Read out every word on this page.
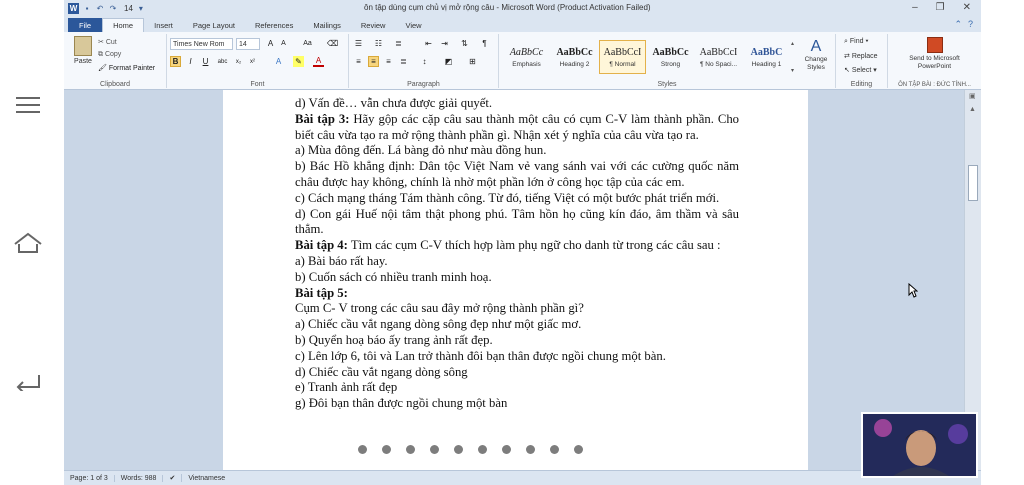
W	▪	↶ ↷ 14 ▾	ôn tập dùng cụm chủ vị mở rộng câu - Microsoft Word (Product Activation Failed)	– ❐ ✕
File	Home	Insert	Page Layout	References	Mailings	Review	View	⌃ ?
Paste
✂ Cut
⧉ Copy
🖌 Format Painter
Clipboard
Times New Rom	14	A	A	Aa ⌫
B	I	U	abc	x₂	x²	A	✎	A
Font
☰ ☷ ≣	⇤ ⇥ ⇅	¶
≡	≡	≡	≣	↕	◩ ⊞
Paragraph
AaBbCc
Emphasis
AaBbCc
Heading 2
AaBbCcI
¶ Normal
AaBbCc
Strong
AaBbCcI
¶ No Spaci...
AaBbC
Heading 1
▴
▾
A
Change Styles
Styles
⌕ Find ▾
⇄ Replace
↖ Select ▾
Editing
Send to Microsoft PowerPoint
ÔN TẬP BÀI : ĐỨC TÍNH...

d) Vấn đề… vẫn chưa được giải quyết.

Bài tập 3: Hãy gộp các cặp câu sau thành một câu có cụm C-V làm thành phần. Cho biết câu vừa tạo ra mở rộng thành phần gì. Nhận xét ý nghĩa của câu vừa tạo ra.

a) Mùa đông đến. Lá bàng đỏ như màu đồng hun.

b) Bác Hồ khẳng định: Dân tộc Việt Nam vẻ vang sánh vai với các cường quốc năm châu được hay không, chính là nhờ một phần lớn ở công học tập của các em.

c) Cách mạng tháng Tám thành công. Từ đó, tiếng Việt có một bước phát triển mới.

d) Con gái Huế nội tâm thật phong phú. Tâm hồn họ cũng kín đáo, âm thầm và sâu thẳm.

Bài tập 4: Tìm các cụm C-V thích hợp làm phụ ngữ cho danh từ trong các câu sau :

a) Bài báo rất hay.

b) Cuốn sách có nhiều tranh minh hoạ.

Bài tập 5:

Cụm C- V trong các câu sau đây mở rộng thành phần gì?

a) Chiếc cầu vắt ngang dòng sông đẹp như một giấc mơ.

b) Quyển hoạ báo ấy trang ảnh rất đẹp.

c) Lên lớp 6, tôi và Lan trở thành đôi bạn thân được ngồi chung một bàn.

d) Chiếc cầu vắt ngang dòng sông

e) Tranh ảnh rất đẹp

g) Đôi bạn thân được ngồi chung một bàn

▣
▲
Page: 1 of 3	Words: 988	✔	Vietnamese
